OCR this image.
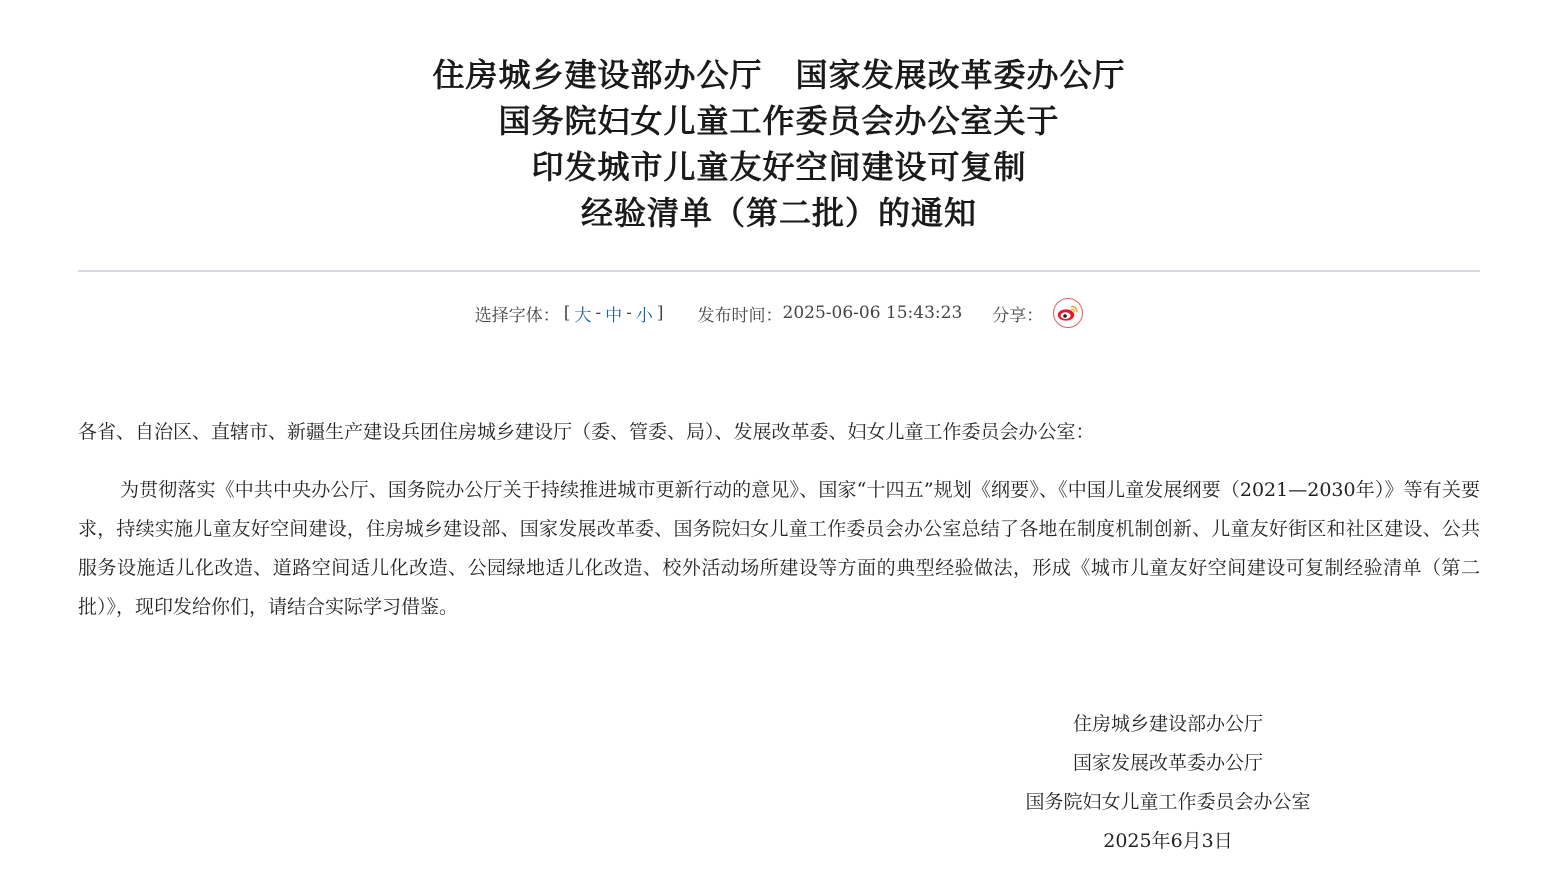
住房城乡建设部办公厅　国家发展改革委办公厅
国务院妇女儿童工作委员会办公室关于
印发城市儿童友好空间建设可复制
经验清单（第二批）的通知
选择字体： [ 大 - 中 - 小 ] 发布时间： 2025-06-06 15:43:23 分享：

各省、自治区、直辖市、新疆生产建设兵团住房城乡建设厅（委、管委、局）、发展改革委、妇女儿童工作委员会办公室：

为贯彻落实《中共中央办公厅、国务院办公厅关于持续推进城市更新行动的意见》、国家“十四五”规划《纲要》、《中国儿童发展纲要（2021—2030年）》等有关要求，持续实施儿童友好空间建设，住房城乡建设部、国家发展改革委、国务院妇女儿童工作委员会办公室总结了各地在制度机制创新、儿童友好街区和社区建设、公共服务设施适儿化改造、道路空间适儿化改造、公园绿地适儿化改造、校外活动场所建设等方面的典型经验做法，形成《城市儿童友好空间建设可复制经验清单（第二批）》，现印发给你们，请结合实际学习借鉴。

住房城乡建设部办公厅
国家发展改革委办公厅
国务院妇女儿童工作委员会办公室
2025年6月3日
